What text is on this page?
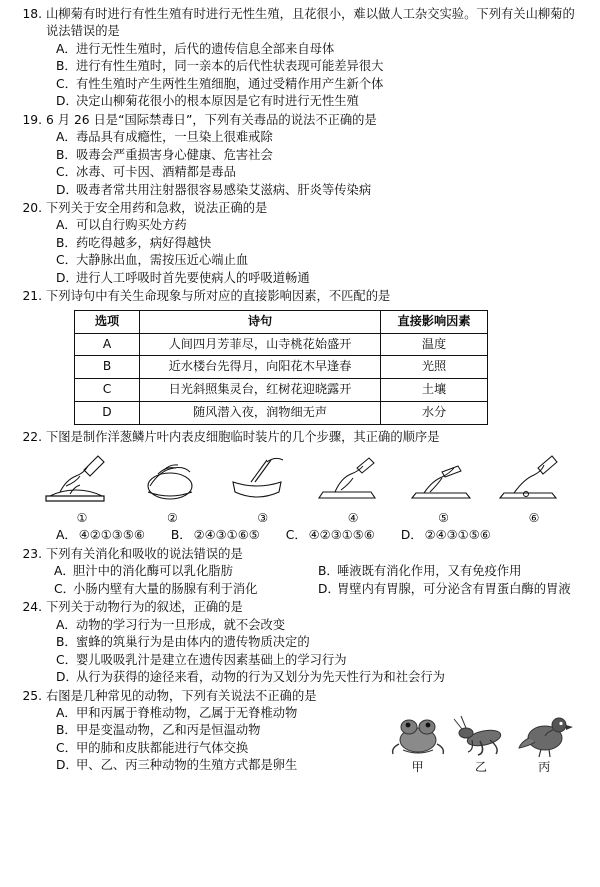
18. 山柳菊有时进行有性生殖有时进行无性生殖，且花很小，难以做人工杂交实验。下列有关山柳菊的说法错误的是
A． 进行无性生殖时，后代的遗传信息全部来自母体
B． 进行有性生殖时，同一亲本的后代性状表现可能差异很大
C． 有性生殖时产生两性生殖细胞，通过受精作用产生新个体
D．
决定山柳菊花很小的根本原因是它有时进行无性生殖
19. 6 月 26 日是“国际禁毒日”，下列有关毒品的说法不正确的是
A． 毒品具有成瘾性，一旦染上很难戒除
B． 吸毒会严重损害身心健康、危害社会
C． 冰毒、可卡因、酒精都是毒品
D．
吸毒者常共用注射器很容易感染艾滋病、肝炎等传染病
20. 下列关于安全用药和急救，说法正确的是
A． 可以自行购买处方药
B． 药吃得越多，病好得越快
C． 大静脉出血，需按压近心端止血
D．
进行人工呼吸时首先要使病人的呼吸道畅通
21. 下列诗句中有关生命现象与所对应的直接影响因素，不匹配的是
选项	诗句	直接影响因素
A	人间四月芳菲尽，山寺桃花始盛开	温度
B	近水楼台先得月，向阳花木早逢春	光照
C	日光斜照集灵台，红树花迎晓露开	土壤
D	随风潜入夜，润物细无声	水分
22. 下图是制作洋葱鳞片叶内表皮细胞临时装片的几个步骤，其正确的顺序是
①	②	③	④	⑤	⑥
A． ④②①③⑤⑥ B． ②④③①⑥⑤ C． ④②③①⑤⑥ D． ②④③①⑤⑥
23. 下列有关消化和吸收的说法错误的是
A．
胆汁中的消化酶可以乳化脂肪	B．
唾液既有消化作用，又有免疫作用
C．
小肠内壁有大量的肠腺有利于消化	D．
胃壁内有胃腺，可分泌含有胃蛋白酶的胃液
24. 下列关于动物行为的叙述，正确的是
A． 动物的学习行为一旦形成，就不会改变
B． 蜜蜂的筑巢行为是由体内的遗传物质决定的
C． 婴儿吸吸乳汁是建立在遗传因素基础上的学习行为
D．
从行为获得的途径来看，动物的行为又划分为先天性行为和社会行为
25. 右图是几种常见的动物，下列有关说法不正确的是
A． 甲和丙属于脊椎动物，乙属于无脊椎动物
B． 甲是变温动物，乙和丙是恒温动物
C． 甲的肺和皮肤都能进行气体交换
D．
甲、乙、丙三种动物的生殖方式都是卵生	甲	乙	丙
